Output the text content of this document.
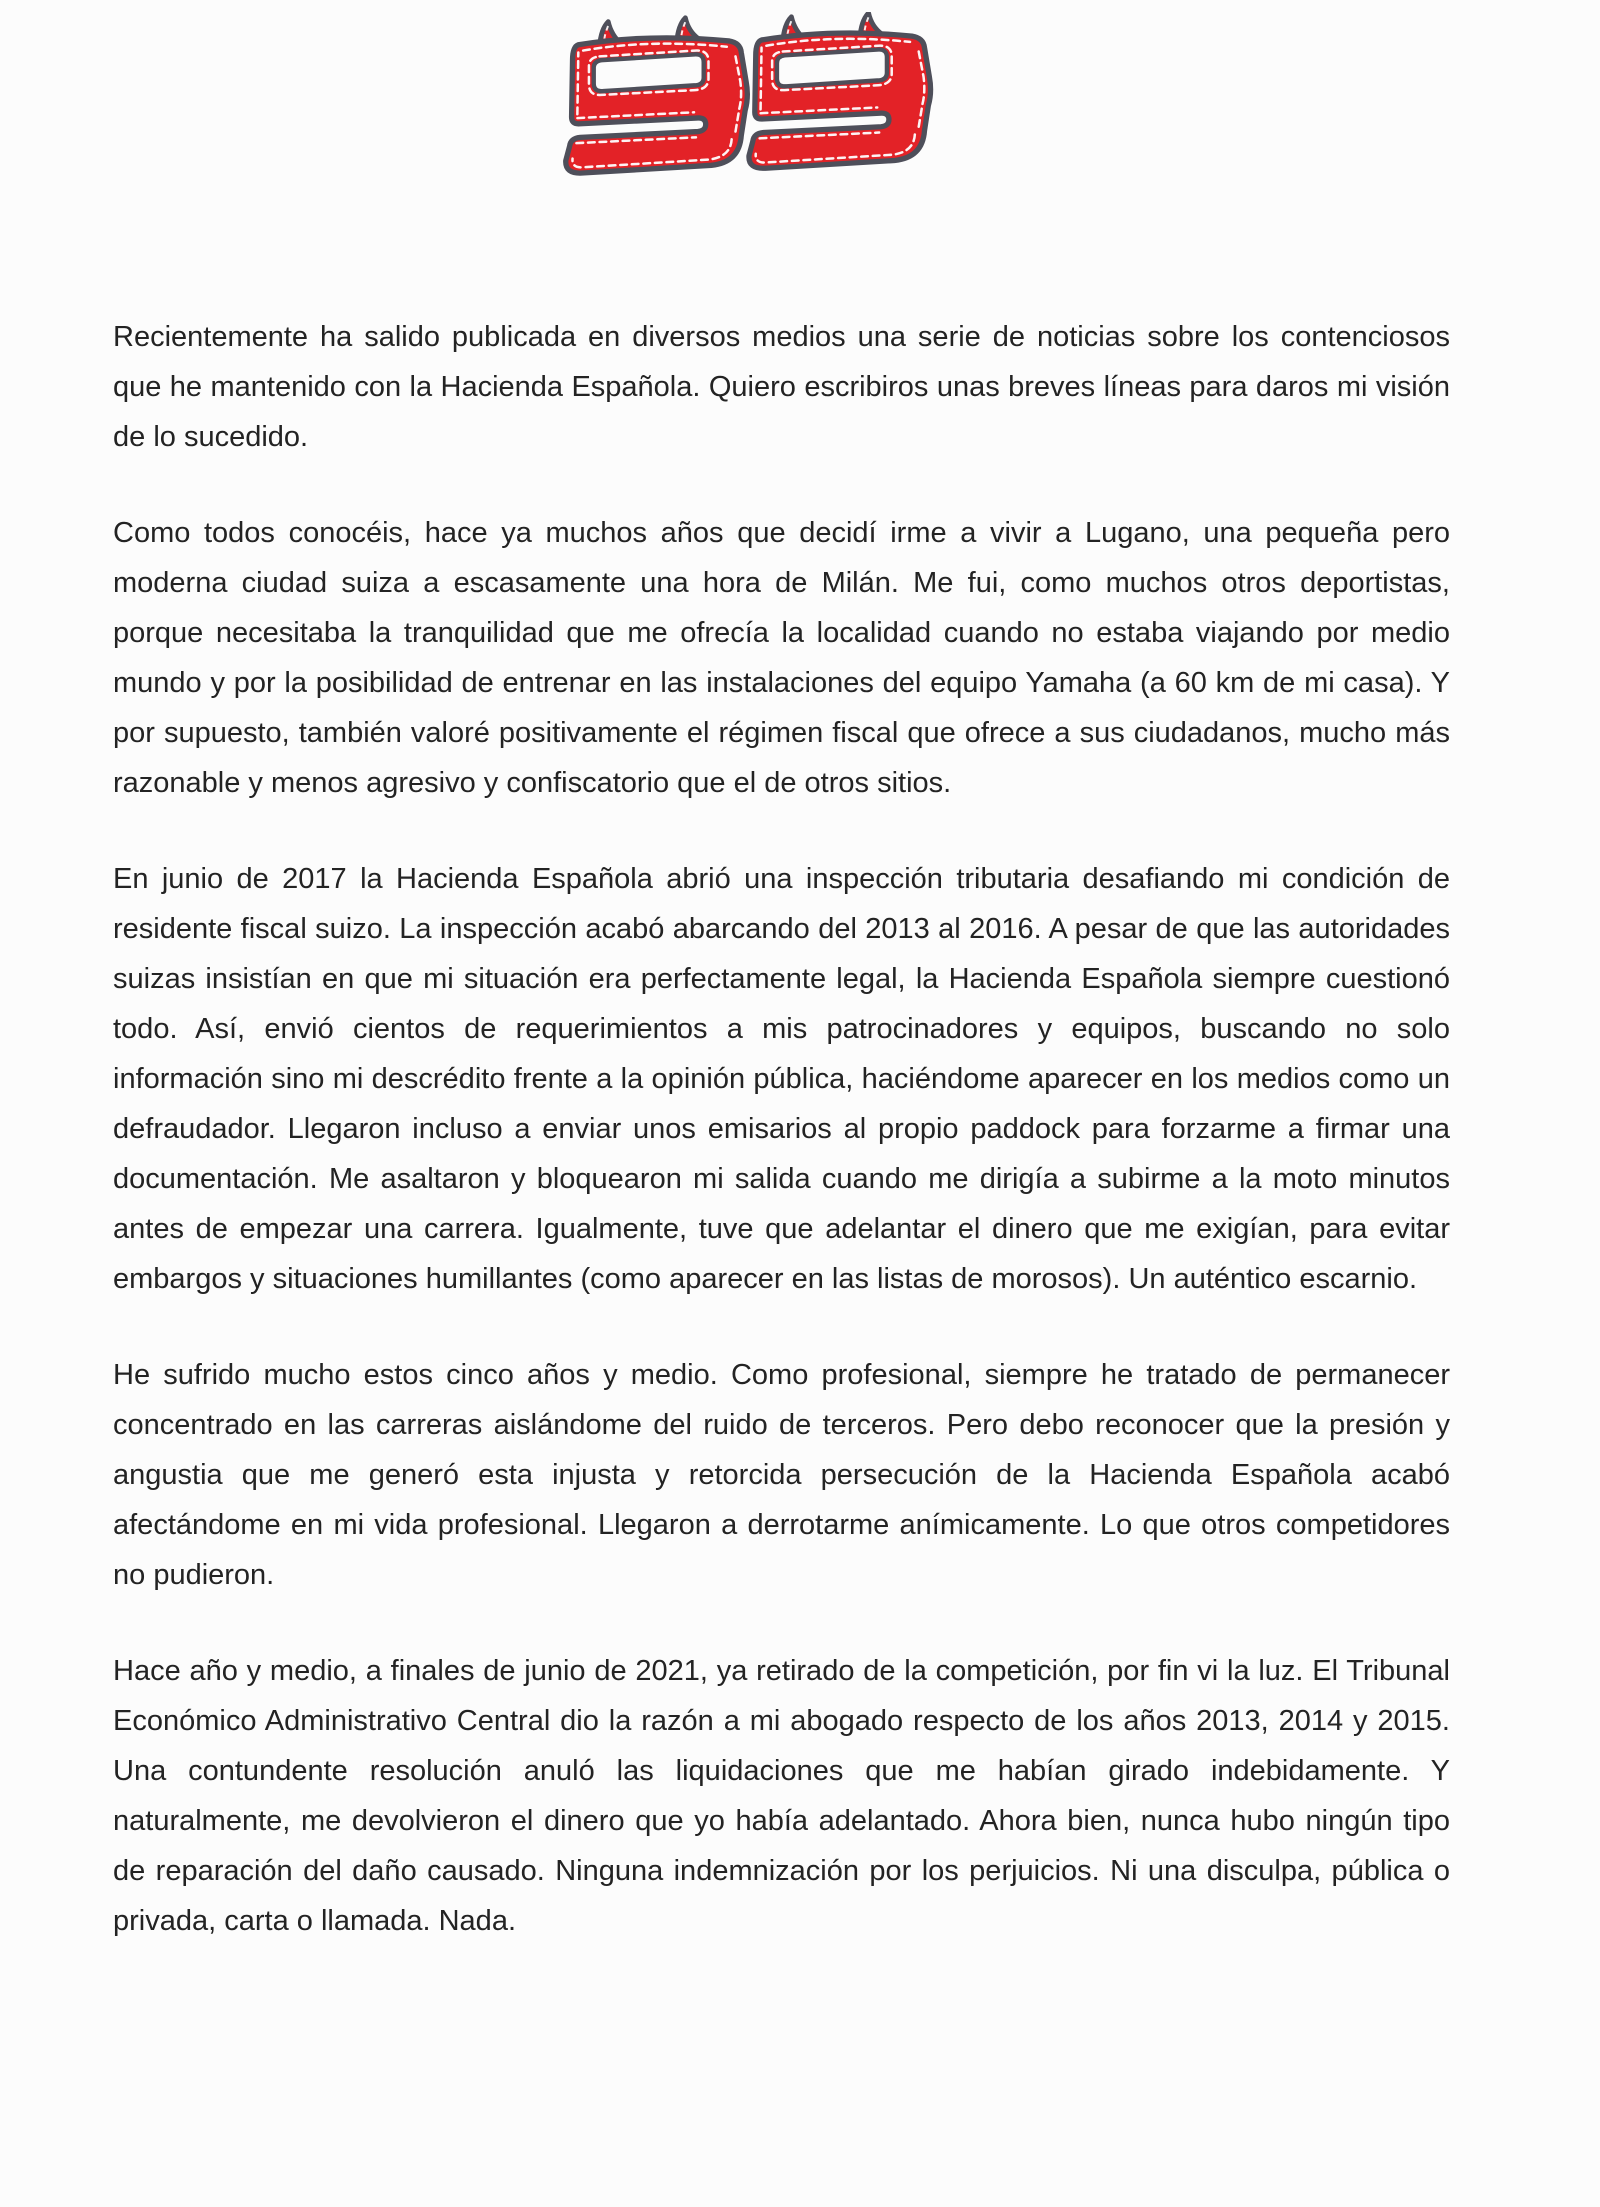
Recientemente ha salido publicada en diversos medios una serie de noticias sobre los contenciosos que he mantenido con la Hacienda Española. Quiero escribiros unas breves líneas para daros mi visión de lo sucedido.

Como todos conocéis, hace ya muchos años que decidí irme a vivir a Lugano, una pequeña pero moderna ciudad suiza a escasamente una hora de Milán. Me fui, como muchos otros deportistas, porque necesitaba la tranquilidad que me ofrecía la localidad cuando no estaba viajando por medio mundo y por la posibilidad de entrenar en las instalaciones del equipo Yamaha (a 60 km de mi casa). Y por supuesto, también valoré positivamente el régimen fiscal que ofrece a sus ciudadanos, mucho más razonable y menos agresivo y confiscatorio que el de otros sitios.

En junio de 2017 la Hacienda Española abrió una inspección tributaria desafiando mi condición de residente fiscal suizo. La inspección acabó abarcando del 2013 al 2016. A pesar de que las autoridades suizas insistían en que mi situación era perfectamente legal, la Hacienda Española siempre cuestionó todo. Así, envió cientos de requerimientos a mis patrocinadores y equipos, buscando no solo información sino mi descrédito frente a la opinión pública, haciéndome aparecer en los medios como un defraudador. Llegaron incluso a enviar unos emisarios al propio paddock para forzarme a firmar una documentación. Me asaltaron y bloquearon mi salida cuando me dirigía a subirme a la moto minutos antes de empezar una carrera. Igualmente, tuve que adelantar el dinero que me exigían, para evitar embargos y situaciones humillantes (como aparecer en las listas de morosos). Un auténtico escarnio.

He sufrido mucho estos cinco años y medio. Como profesional, siempre he tratado de permanecer concentrado en las carreras aislándome del ruido de terceros. Pero debo reconocer que la presión y angustia que me generó esta injusta y retorcida persecución de la Hacienda Española acabó afectándome en mi vida profesional. Llegaron a derrotarme anímicamente. Lo que otros competidores no pudieron.

Hace año y medio, a finales de junio de 2021, ya retirado de la competición, por fin vi la luz. El Tribunal Económico Administrativo Central dio la razón a mi abogado respecto de los años 2013, 2014 y 2015. Una contundente resolución anuló las liquidaciones que me habían girado indebidamente. Y naturalmente, me devolvieron el dinero que yo había adelantado. Ahora bien, nunca hubo ningún tipo de reparación del daño causado. Ninguna indemnización por los perjuicios. Ni una disculpa, pública o privada, carta o llamada. Nada.
